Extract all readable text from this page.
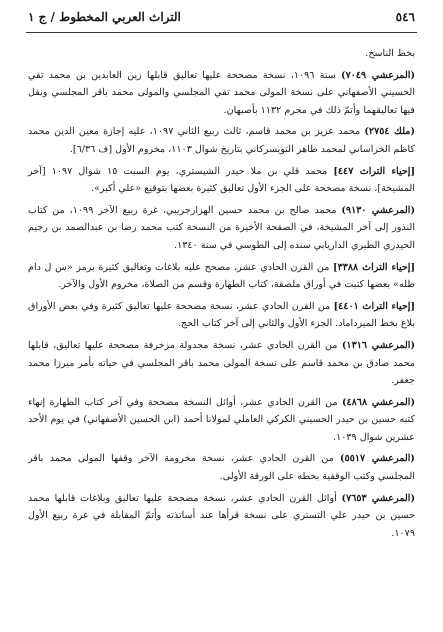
٥٤٦
التراث العربي المخطوط / ج ١

بخط الناسخ.

(المرعشي ٧٠٤٩) سنة ١٠٩٦، نسخة مصححة عليها تعاليق قابلها زين العابدين بن محمد تقي الحسيني الأصفهاني على نسخة المولى محمد تقي المجلسي والمولى محمد باقر المجلسي ونقل فيها تعاليقهما وأتمّ ذلك في محرم ١١٣٢ بأصبهان.

(ملك ٢٧٥٤) محمد عزيز بن محمد قاسم، ثالث ربيع الثاني ١٠٩٧، عليه إجازة معين الدين محمد كاظم الخراساني لمحمد طاهر التويسركاني بتاريخ شوال ١١٠٣، مخروم الأول [ف ٦/٣٦].

[إحياء التراث ٤٤٧] محمد قلي بن ملا حيدر الشيستري، يوم السبت ١٥ شوال ١٠٩٧ [آخر المشيخة]، نسخة مصححة على الجزء الأول تعاليق كثيرة بعضها بتوقيع «علي أكبر».

(المرعشي ٩١٣٠) محمد صالح بن محمد حسين الهزارجريبي، غرة ربيع الآخر ١٠٩٩، من كتاب النذور إلى آخر المشيخة، في الصفحة الأخيرة من النسخة كتب محمد رضا بن عبدالصمد بن رجيم الحيدري الطبري الداريابي سنده إلى الطوسي في سنة ١٣٤٠.

[إحياء التراث ٣٣٨٨] من القرن الحادي عشر، مصحح عليه بلاغات وتعاليق كثيرة برمز «س ل دام ظله» بعضها كتبت في أوراق ملصقة، كتاب الطهارة وقسم من الصلاة، مخروم الأول والآخر.

[إحياء التراث ٤٤٠١] من القرن الحادي عشر، نسخة مصححة عليها تعاليق كثيرة وفي بعض الأوراق بلاغ بخط الميرداماد. الجزء الأول والثاني إلى آخر كتاب الحج.

(المرعشي ١٣١٦) من القرن الحادي عشر، نسخة مجدولة مزخرفة مصححة عليها تعاليق، قابلها محمد صادق بن محمد قاسم على نسخة المولى محمد باقر المجلسي في حياته بأمر ميرزا محمد جعفر.

(المرعشي ٤٨٦٨) من القرن الحادي عشر، أوائل النسخة مصححة وفي آخر كتاب الطهارة إنهاء كتبه حسين بن حيدر الحسيني الكركي العاملي لمولانا أحمد (ابن الحسين الأصفهاني) في يوم الأحد عشرين شوال ١٠٣٩.

(المرعشي ٥٥١٧) من القرن الحادي عشر، نسخة مخرومة الآخر وقفها المولى محمد باقر المجلسي وكتب الوقفية بخطه على الورقة الأولى.

(المرعشي ٧٦٥٣) أوائل القرن الحادي عشر، نسخة مصححة عليها تعاليق وبلاغات قابلها محمد حسين بن حيدر علي التستري على نسخة قرأها عند أساتذته وأتمّ المقابلة في غرة ربيع الأول ١٠٧٩.
